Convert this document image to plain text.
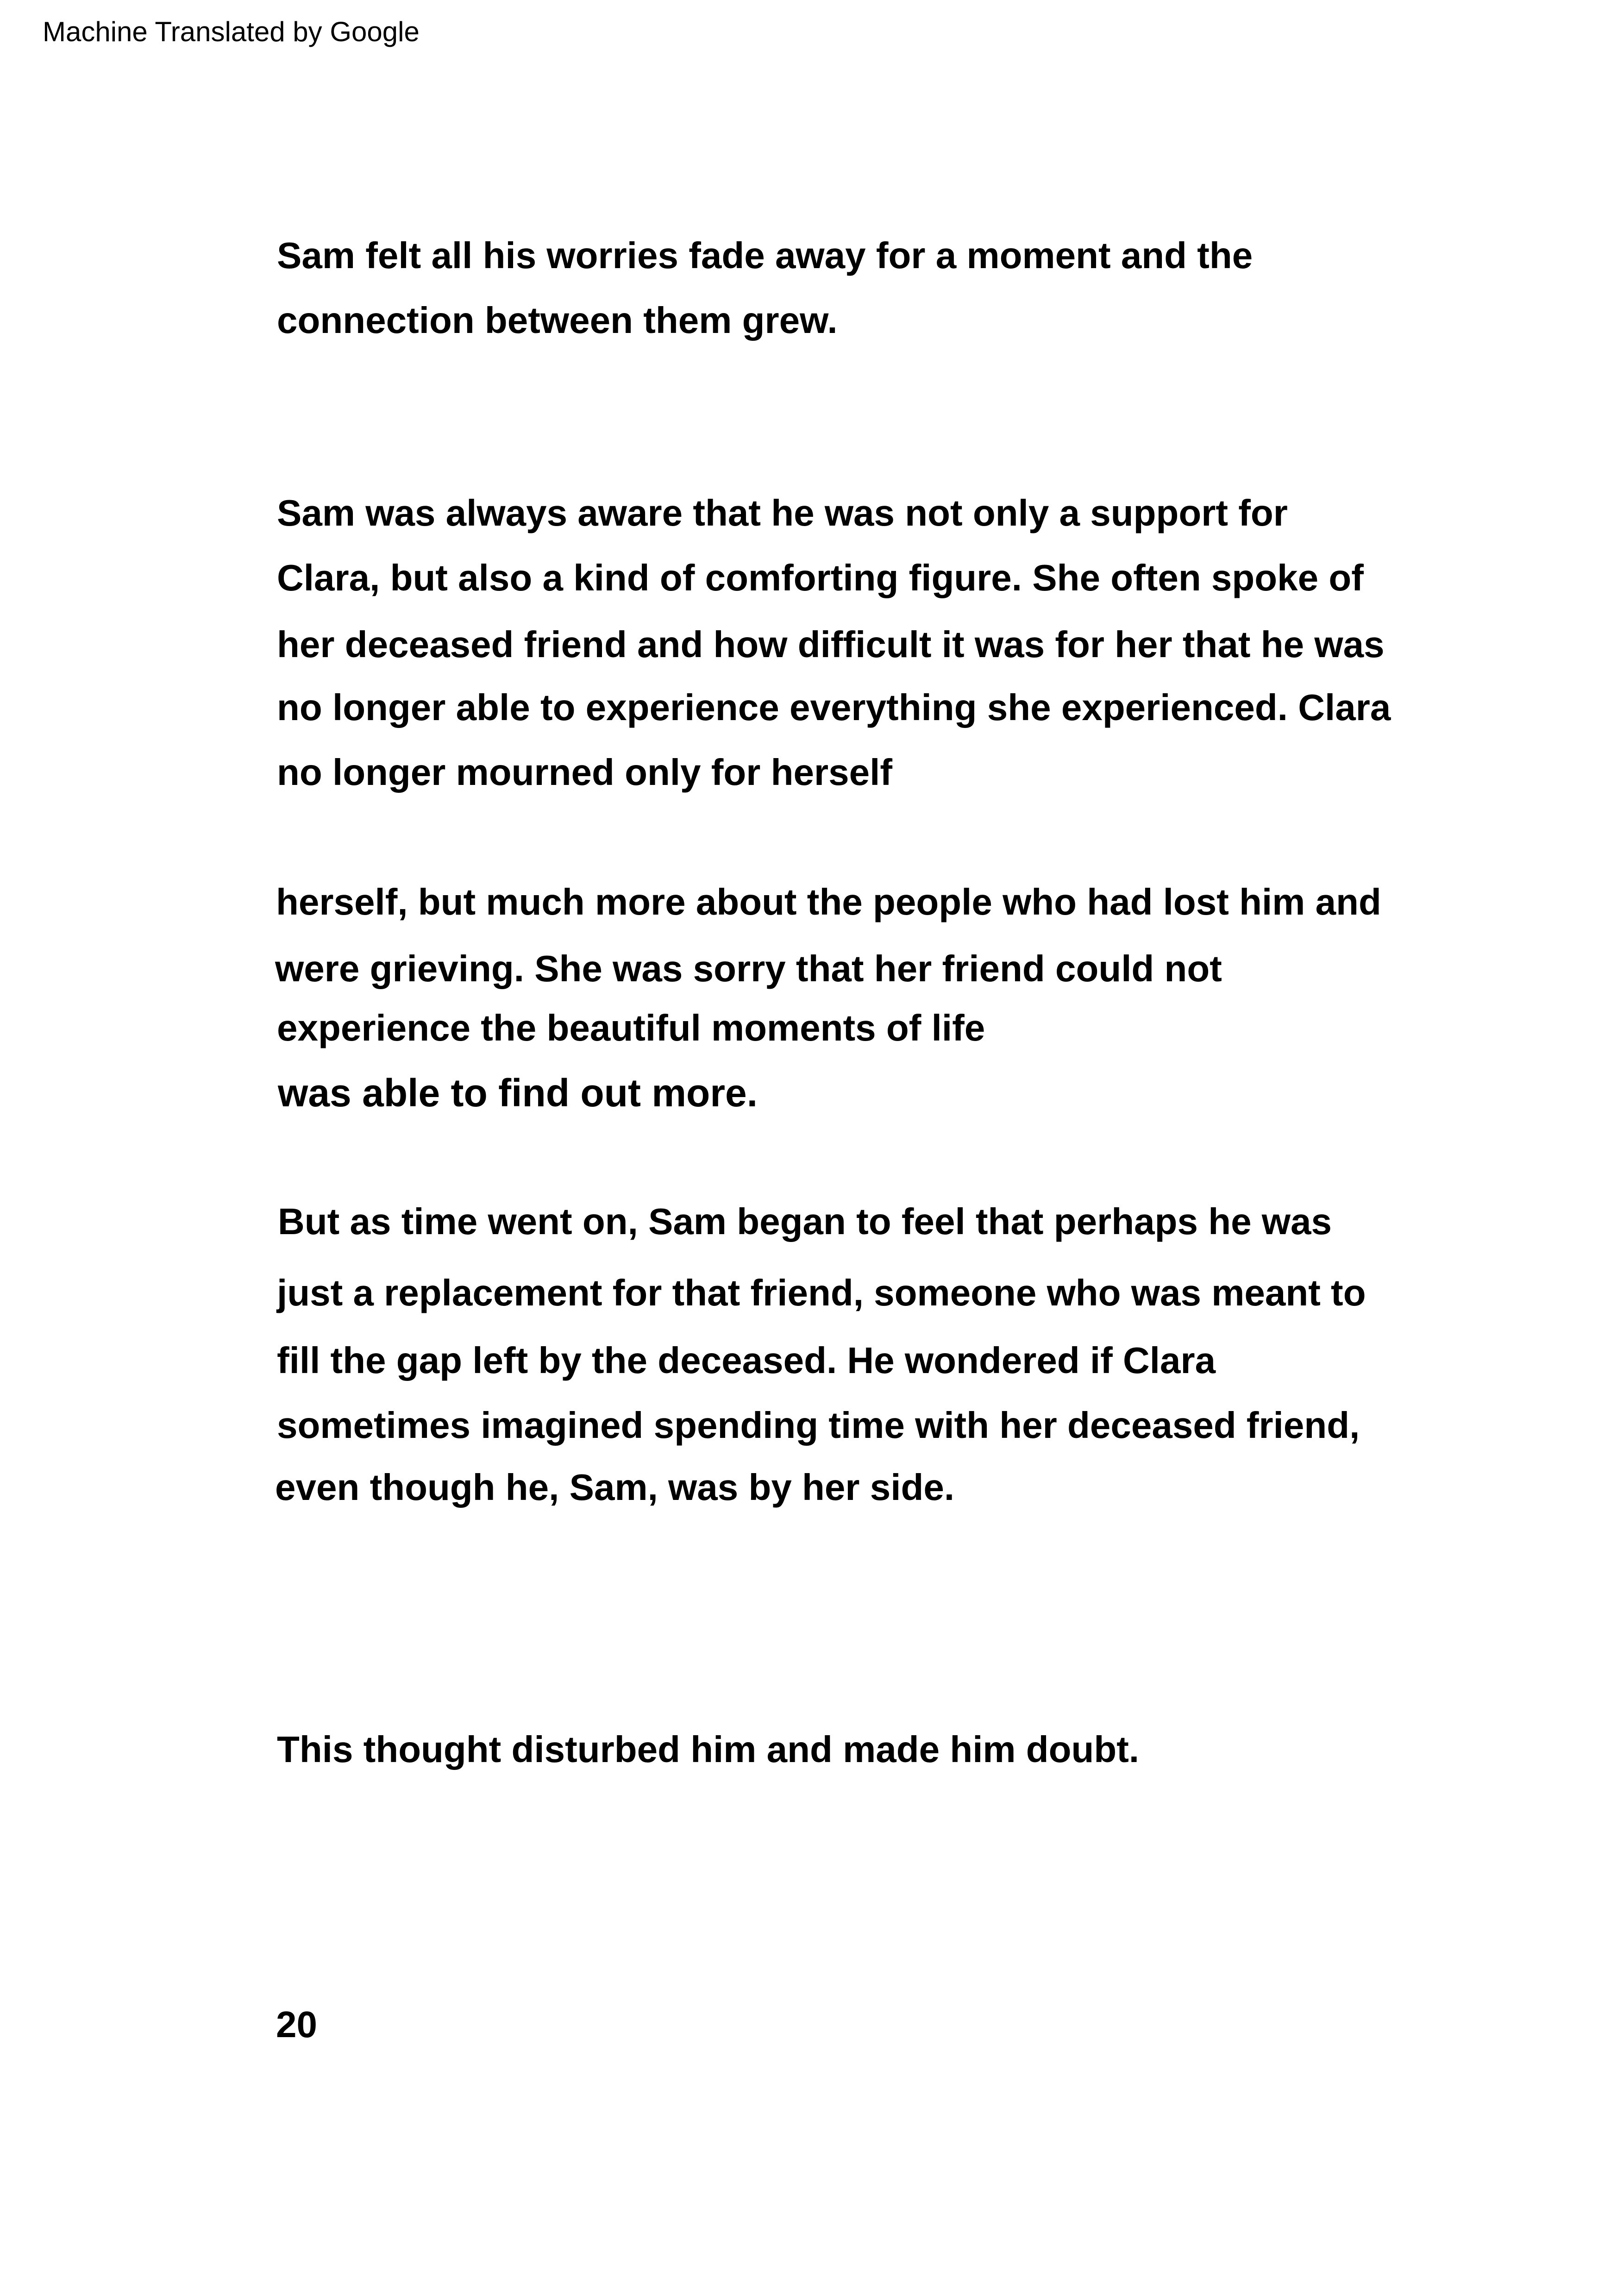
Machine Translated by Google
Sam felt all his worries fade away for a moment and the
connection between them grew.
Sam was always aware that he was not only a support for
Clara, but also a kind of comforting figure. She often spoke of
her deceased friend and how difficult it was for her that he was
no longer able to experience everything she experienced. Clara
no longer mourned only for herself
herself, but much more about the people who had lost him and
were grieving. She was sorry that her friend could not
experience the beautiful moments of life
was able to find out more.
But as time went on, Sam began to feel that perhaps he was
just a replacement for that friend, someone who was meant to
fill the gap left by the deceased. He wondered if Clara
sometimes imagined spending time with her deceased friend,
even though he, Sam, was by her side.
This thought disturbed him and made him doubt.
20
